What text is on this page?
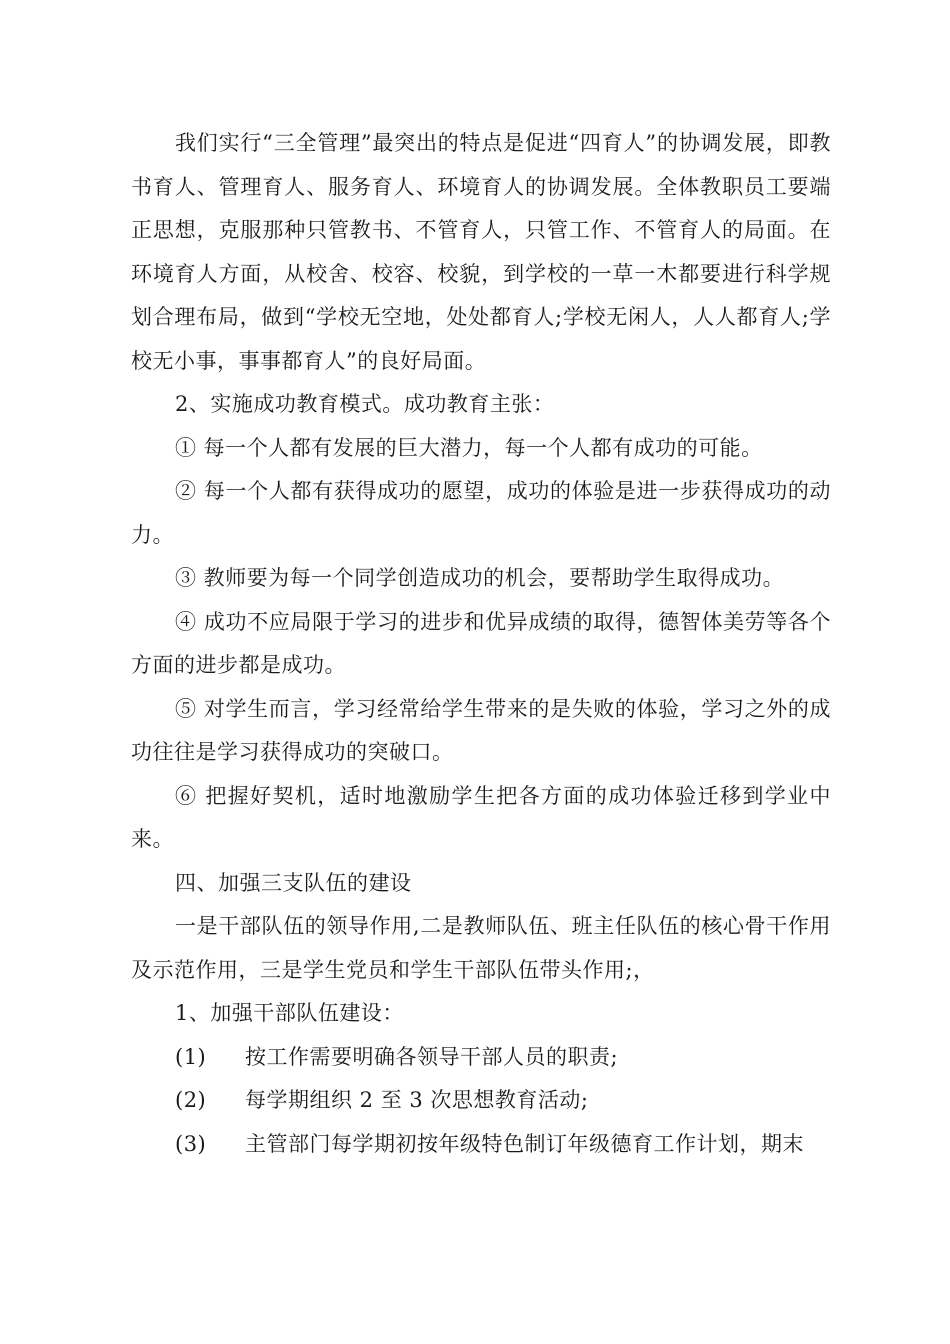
我们实行“三全管理”最突出的特点是促进“四育人”的协调发展，即教书育人、管理育人、服务育人、环境育人的协调发展。全体教职员工要端正思想，克服那种只管教书、不管育人，只管工作、不管育人的局面。在环境育人方面，从校舍、校容、校貌，到学校的一草一木都要进行科学规划合理布局，做到“学校无空地，处处都育人;学校无闲人，人人都育人;学校无小事，事事都育人”的良好局面。

2、实施成功教育模式。成功教育主张：

① 每一个人都有发展的巨大潜力，每一个人都有成功的可能。

② 每一个人都有获得成功的愿望，成功的体验是进一步获得成功的动力。

③ 教师要为每一个同学创造成功的机会，要帮助学生取得成功。

④ 成功不应局限于学习的进步和优异成绩的取得，德智体美劳等各个方面的进步都是成功。

⑤ 对学生而言，学习经常给学生带来的是失败的体验，学习之外的成功往往是学习获得成功的突破口。

⑥ 把握好契机，适时地激励学生把各方面的成功体验迁移到学业中来。

四、加强三支队伍的建设

一是干部队伍的领导作用,二是教师队伍、班主任队伍的核心骨干作用及示范作用，三是学生党员和学生干部队伍带头作用;，

1、加强干部队伍建设：

(1)	按工作需要明确各领导干部人员的职责;
(2)	每学期组织 2 至 3 次思想教育活动;
(3)	主管部门每学期初按年级特色制订年级德育工作计划，期末
